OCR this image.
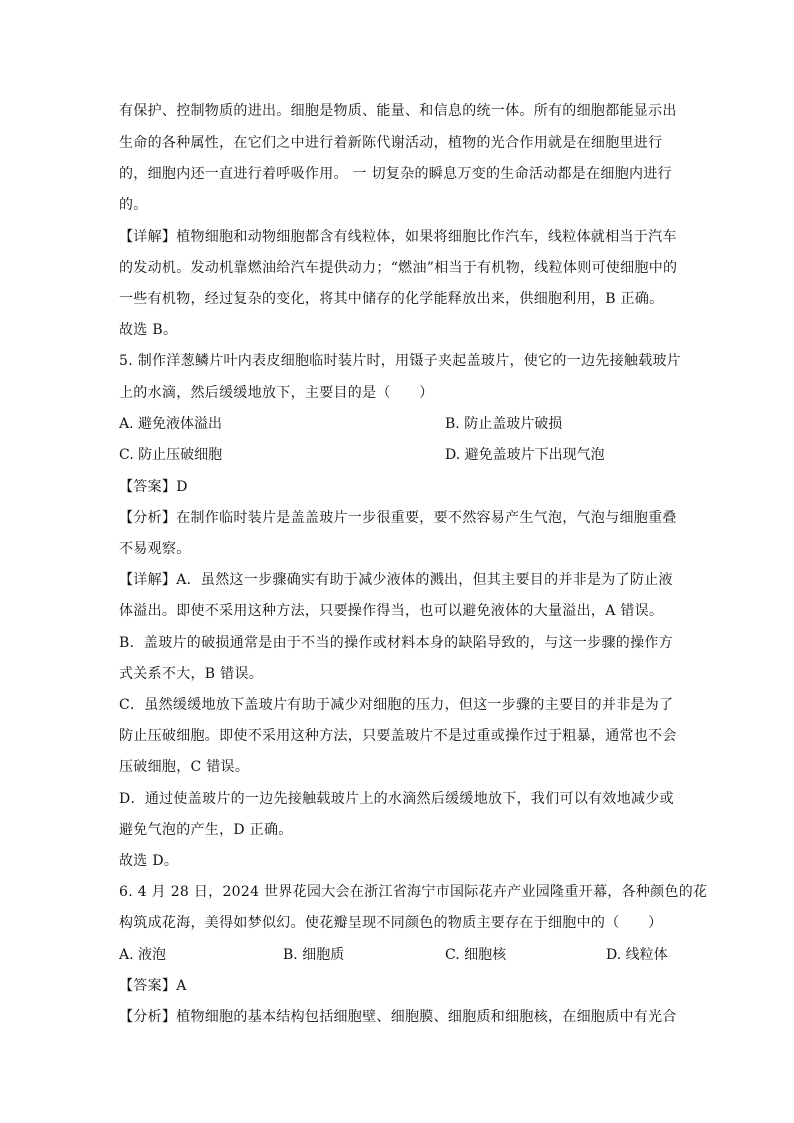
有保护、控制物质的进出。细胞是物质、能量、和信息的统一体。所有的细胞都能显示出
生命的各种属性，在它们之中进行着新陈代谢活动，植物的光合作用就是在细胞里进行
的，细胞内还一直进行着呼吸作用。 一 切复杂的瞬息万变的生命活动都是在细胞内进行
的。
【详解】植物细胞和动物细胞都含有线粒体，如果将细胞比作汽车，线粒体就相当于汽车
的发动机。发动机靠燃油给汽车提供动力；“燃油”相当于有机物，线粒体则可使细胞中的
一些有机物，经过复杂的变化，将其中储存的化学能释放出来，供细胞利用，B 正确。
故选 B。
5. 制作洋葱鳞片叶内表皮细胞临时装片时，用镊子夹起盖玻片，使它的一边先接触载玻片
上的水滴，然后缓缓地放下，主要目的是（　　）
A. 避免液体溢出	B. 防止盖玻片破损
C. 防止压破细胞	D. 避免盖玻片下出现气泡
【答案】D
【分析】在制作临时装片是盖盖玻片一步很重要，要不然容易产生气泡，气泡与细胞重叠
不易观察。
【详解】A．虽然这一步骤确实有助于减少液体的溅出，但其主要目的并非是为了防止液
体溢出。即使不采用这种方法，只要操作得当，也可以避免液体的大量溢出，A 错误。
B．盖玻片的破损通常是由于不当的操作或材料本身的缺陷导致的，与这一步骤的操作方
式关系不大，B 错误。
C．虽然缓缓地放下盖玻片有助于减少对细胞的压力，但这一步骤的主要目的并非是为了
防止压破细胞。即使不采用这种方法，只要盖玻片不是过重或操作过于粗暴，通常也不会
压破细胞，C 错误。
D．通过使盖玻片的一边先接触载玻片上的水滴然后缓缓地放下，我们可以有效地减少或
避免气泡的产生，D 正确。
故选 D。
6. 4 月 28 日，2024 世界花园大会在浙江省海宁市国际花卉产业园隆重开幕，各种颜色的花
构筑成花海，美得如梦似幻。使花瓣呈现不同颜色的物质主要存在于细胞中的（　　）
A. 液泡	B. 细胞质	C. 细胞核	D. 线粒体
【答案】A
【分析】植物细胞的基本结构包括细胞壁、细胞膜、细胞质和细胞核，在细胞质中有光合
